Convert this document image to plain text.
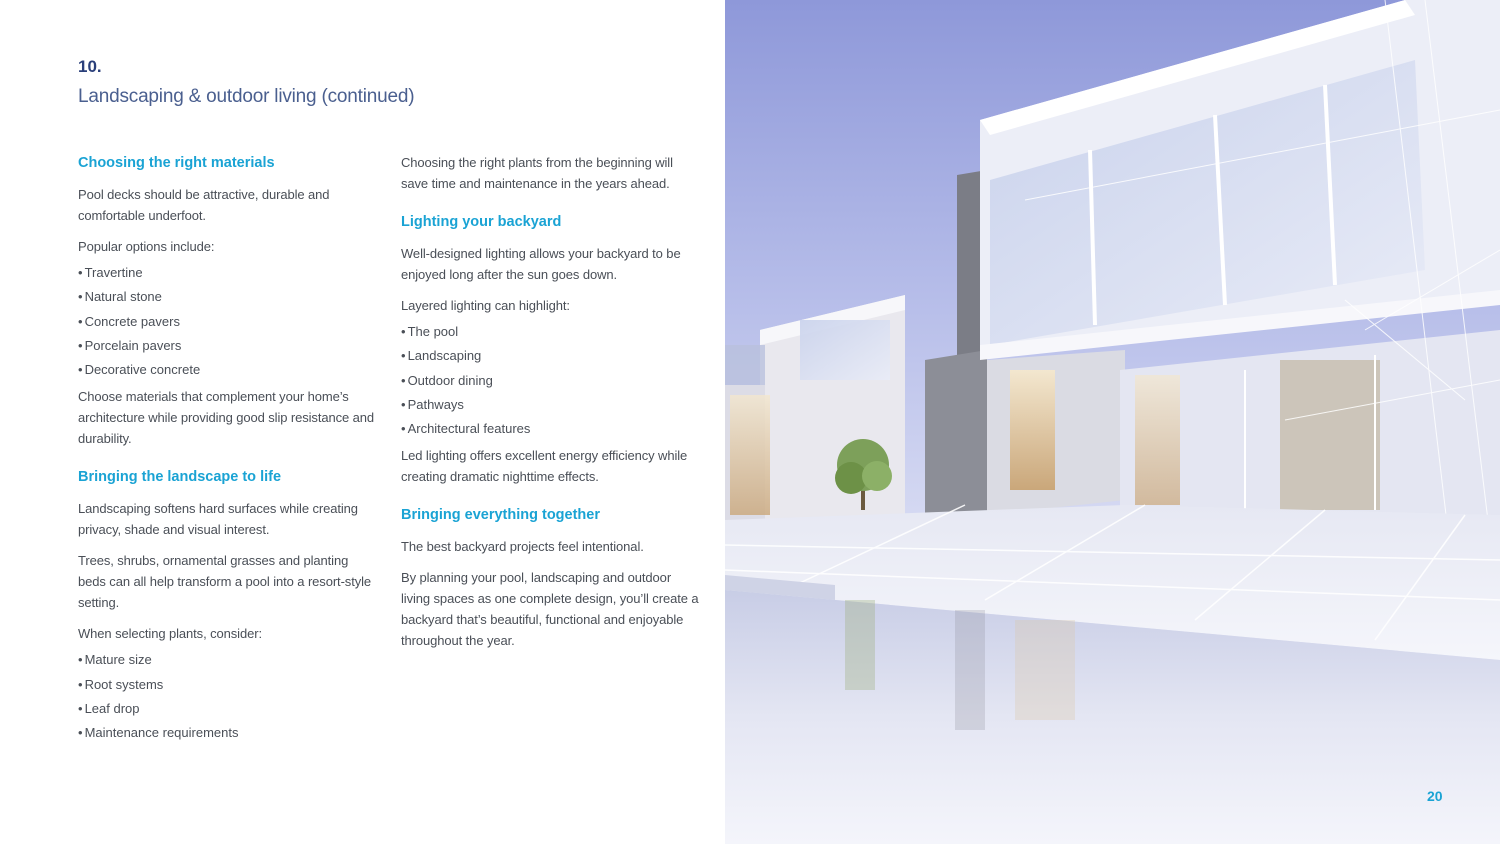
10.

Landscaping & outdoor living (continued)
Choosing the right materials

Pool decks should be attractive, durable and comfortable underfoot.

Popular options include:

• Travertine
• Natural stone
• Concrete pavers
• Porcelain pavers
• Decorative concrete

Choose materials that complement your home’s architecture while providing good slip resistance and durability.

Bringing the landscape to life

Landscaping softens hard surfaces while creating privacy, shade and visual interest.

Trees, shrubs, ornamental grasses and planting beds can all help transform a pool into a resort-style setting.

When selecting plants, consider:

• Mature size
• Root systems
• Leaf drop
• Maintenance requirements

Choosing the right plants from the beginning will save time and maintenance in the years ahead.

Lighting your backyard

Well-designed lighting allows your backyard to be enjoyed long after the sun goes down.

Layered lighting can highlight:

• The pool
• Landscaping
• Outdoor dining
• Pathways
• Architectural features

Led lighting offers excellent energy efficiency while creating dramatic nighttime effects.

Bringing everything together

The best backyard projects feel intentional.

By planning your pool, landscaping and outdoor living spaces as one complete design, you’ll create a backyard that’s beautiful, functional and enjoyable throughout the year.

20
